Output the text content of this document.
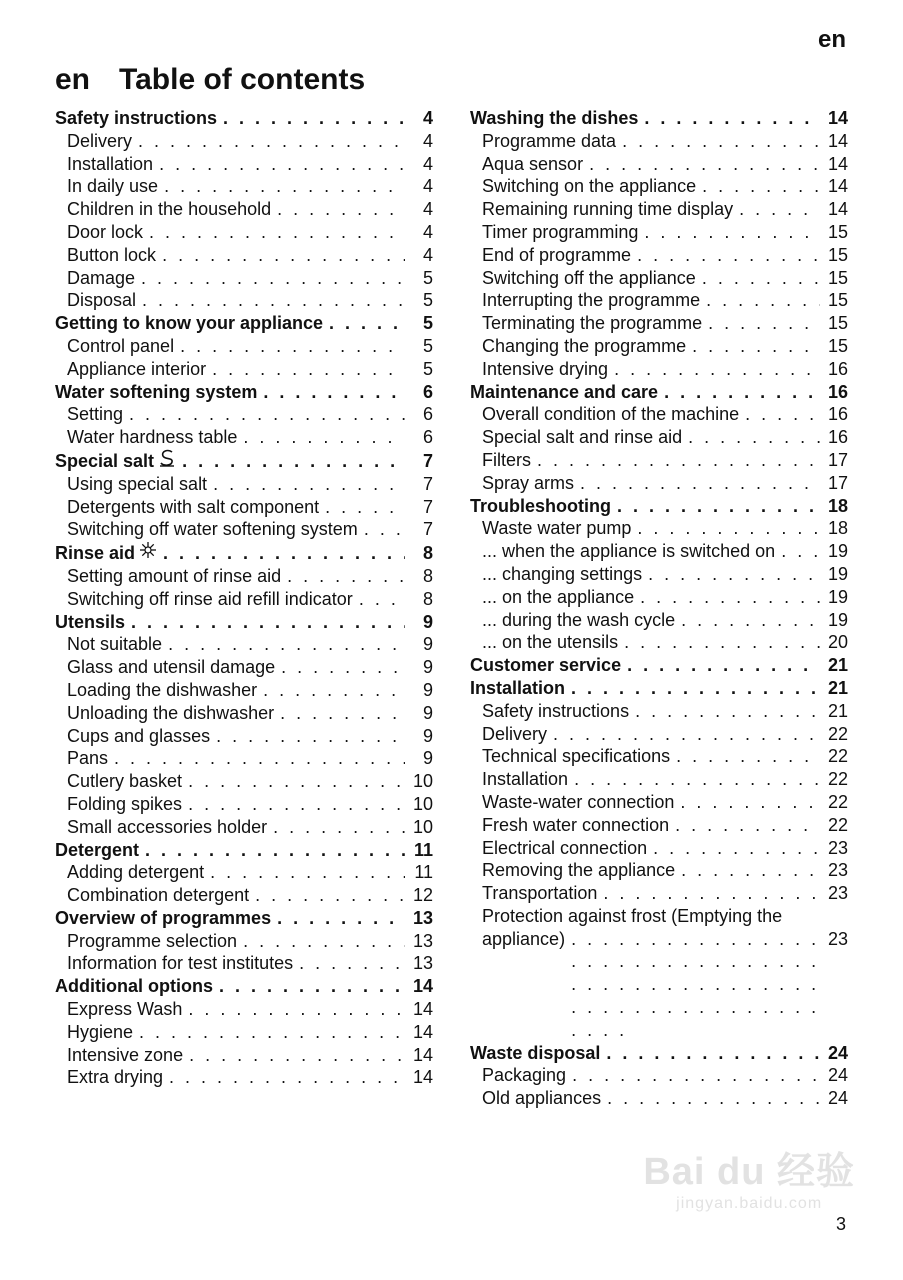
en
en Table of contents
Safety instructions . . .	4
Delivery . . .	4
Installation . . .	4
In daily use . . .	4
Children in the household . . .	4
Door lock . . .	4
Button lock . . .	4
Damage . . .	5
Disposal . . .	5
Getting to know your appliance . . .	5
Control panel . . .	5
Appliance interior . . .	5
Water softening system . . .	6
Setting . . .	6
Water hardness table . . .	6
Special salt . . .	7
Using special salt . . .	7
Detergents with salt component . . .	7
Switching off water softening system . . .	7
Rinse aid . . .	8
Setting amount of rinse aid . . .	8
Switching off rinse aid refill indicator . . .	8
Utensils . . .	9
Not suitable . . .	9
Glass and utensil damage . . .	9
Loading the dishwasher . . .	9
Unloading the dishwasher . . .	9
Cups and glasses . . .	9
Pans . . .	9
Cutlery basket . . .	10
Folding spikes . . .	10
Small accessories holder . . .	10
Detergent . . .	11
Adding detergent . . .	11
Combination detergent . . .	12
Overview of programmes . . .	13
Programme selection . . .	13
Information for test institutes . . .	13
Additional options . . .	14
Express Wash . . .	14
Hygiene . . .	14
Intensive zone . . .	14
Extra drying . . .	14
Washing the dishes . . .	14
Programme data . . .	14
Aqua sensor . . .	14
Switching on the appliance . . .	14
Remaining running time display . . .	14
Timer programming . . .	15
End of programme . . .	15
Switching off the appliance . . .	15
Interrupting the programme . . .	15
Terminating the programme . . .	15
Changing the programme . . .	15
Intensive drying . . .	16
Maintenance and care . . .	16
Overall condition of the machine . . .	16
Special salt and rinse aid . . .	16
Filters . . .	17
Spray arms . . .	17
Troubleshooting . . .	18
Waste water pump . . .	18
... when the appliance is switched on . . .	19
... changing settings . . .	19
... on the appliance . . .	19
... during the wash cycle . . .	19
... on the utensils . . .	20
Customer service . . .	21
Installation . . .	21
Safety instructions . . .	21
Delivery . . .	22
Technical specifications . . .	22
Installation . . .	22
Waste-water connection . . .	22
Fresh water connection . . .	22
Electrical connection . . .	23
Removing the appliance . . .	23
Transportation . . .	23
Protection against frost (Emptying the
appliance) . . .	23
Waste disposal . . .	24
Packaging . . .	24
Old appliances . . .	24
Bai du 经验
jingyan.baidu.com
3
